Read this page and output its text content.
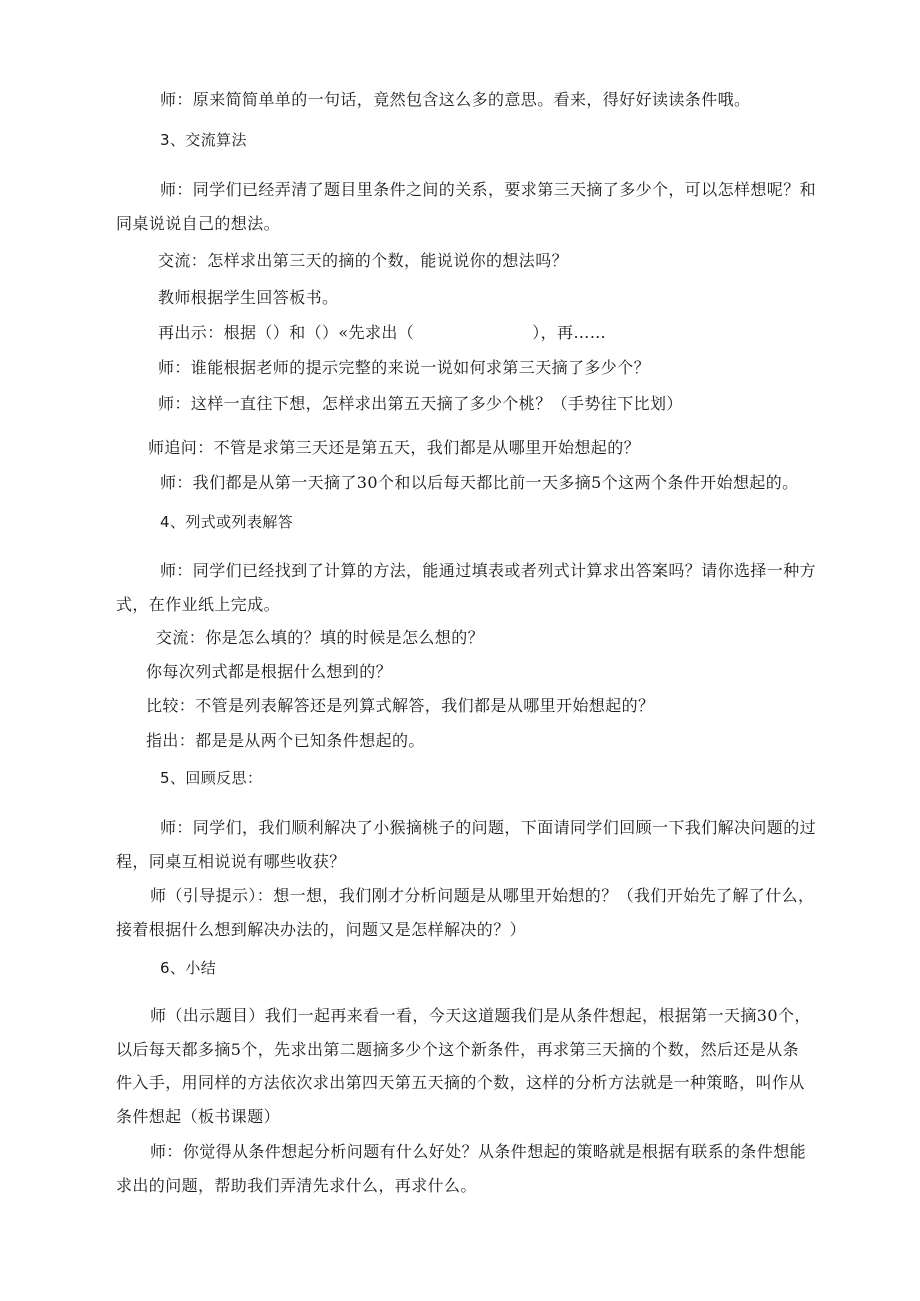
师：原来简简单单的一句话，竟然包含这么多的意思。看来，得好好读读条件哦。
3、交流算法
师：同学们已经弄清了题目里条件之间的关系，要求第三天摘了多少个，可以怎样想呢？和
同桌说说自己的想法。
交流：怎样求出第三天的摘的个数，能说说你的想法吗？
教师根据学生回答板书。
再出示：根据（）和（）«先求出（	），再……
师：谁能根据老师的提示完整的来说一说如何求第三天摘了多少个？
师：这样一直往下想，怎样求出第五天摘了多少个桃？（手势往下比划）
师追问：不管是求第三天还是第五天，我们都是从哪里开始想起的？
师：我们都是从第一天摘了30个和以后每天都比前一天多摘5个这两个条件开始想起的。
4、列式或列表解答
师：同学们已经找到了计算的方法，能通过填表或者列式计算求出答案吗？请你选择一种方
式，在作业纸上完成。
交流：你是怎么填的？填的时候是怎么想的？
你每次列式都是根据什么想到的？
比较：不管是列表解答还是列算式解答，我们都是从哪里开始想起的？
指出：都是是从两个已知条件想起的。
5、回顾反思：
师：同学们，我们顺利解决了小猴摘桃子的问题，下面请同学们回顾一下我们解决问题的过
程，同桌互相说说有哪些收获？
师（引导提示）：想一想，我们刚才分析问题是从哪里开始想的？（我们开始先了解了什么，
接着根据什么想到解决办法的，问题又是怎样解决的？）
6、小结
师（出示题目）我们一起再来看一看，今天这道题我们是从条件想起，根据第一天摘30个，
以后每天都多摘5个，先求出第二题摘多少个这个新条件，再求第三天摘的个数，然后还是从条
件入手，用同样的方法依次求出第四天第五天摘的个数，这样的分析方法就是一种策略，叫作从
条件想起（板书课题）
师：你觉得从条件想起分析问题有什么好处？从条件想起的策略就是根据有联系的条件想能
求出的问题，帮助我们弄清先求什么，再求什么。
